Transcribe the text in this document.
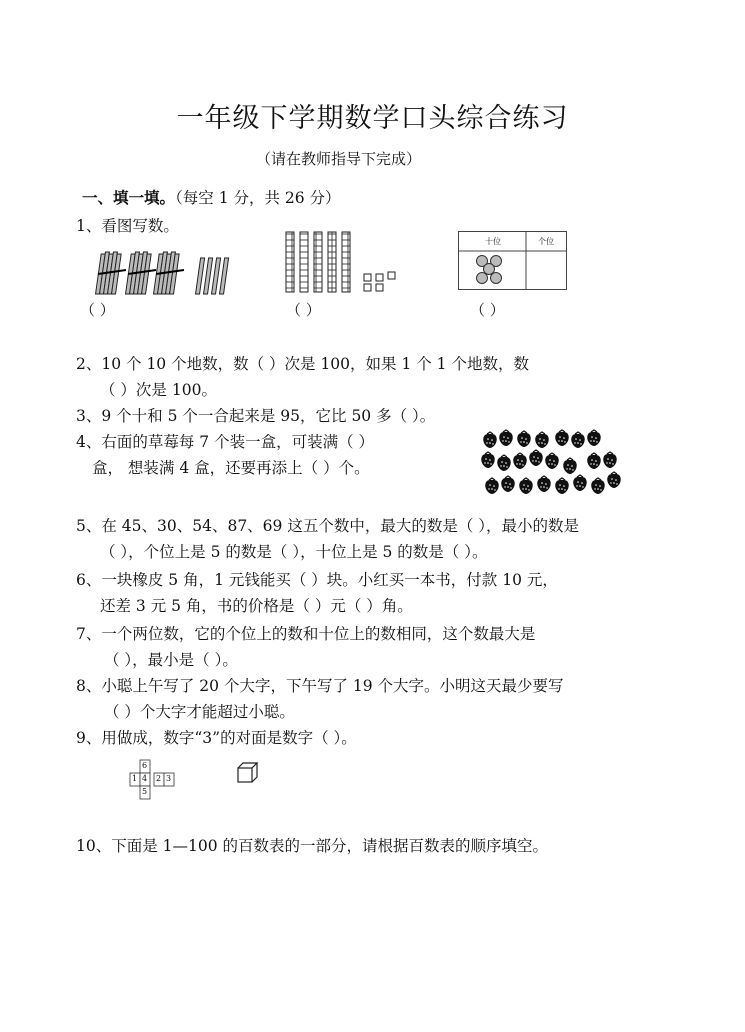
一年级下学期数学口头综合练习
（请在教师指导下完成）
一、填一填。（每空 1 分，共 26 分）
1、看图写数。
（ ）	（ ）
十位	个位
（ ）
2、10 个 10 个地数，数（ ）次是 100，如果 1 个 1 个地数，数
（ ）次是 100。
3、9 个十和 5 个一合起来是 95，它比 50 多（ ）。
4、右面的草莓每 7 个装一盒，可装满（ ）
盒， 想装满 4 盒，还要再添上（ ）个。
5、在 45、30、54、87、69 这五个数中，最大的数是（ ），最小的数是
（ ），个位上是 5 的数是（ ），十位上是 5 的数是（ ）。
6、一块橡皮 5 角，1 元钱能买（ ）块。小红买一本书，付款 10 元，
还差 3 元 5 角，书的价格是（ ）元（ ）角。
7、一个两位数，它的个位上的数和十位上的数相同，这个数最大是
（ ），最小是（ ）。
8、小聪上午写了 20 个大字，下午写了 19 个大字。小明这天最少要写
（ ）个大字才能超过小聪。
9、用做成，数字“3”的对面是数字（ ）。
6
1 4 2 3
5
10、下面是 1—100 的百数表的一部分，请根据百数表的顺序填空。
